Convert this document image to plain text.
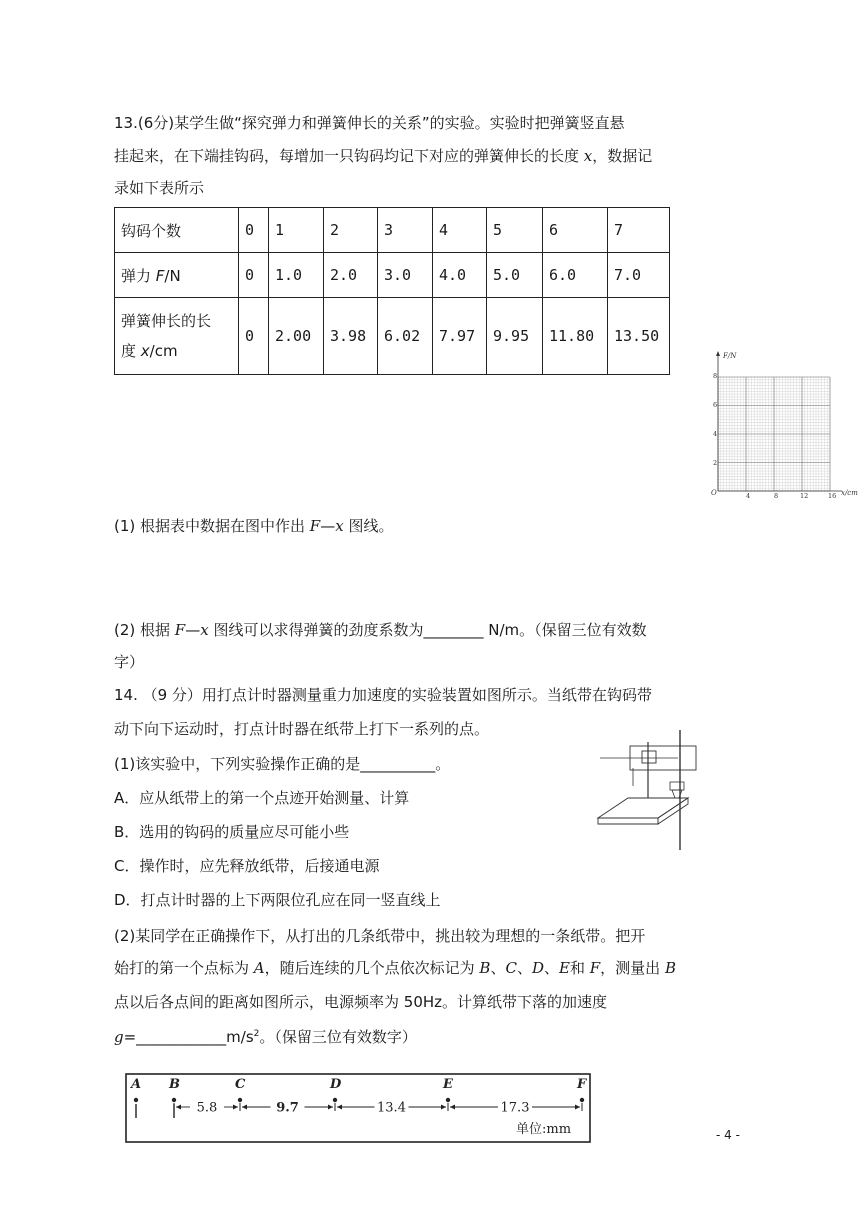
13.(6分)某学生做“探究弹力和弹簧伸长的关系”的实验。实验时把弹簧竖直悬
挂起来，在下端挂钩码，每增加一只钩码均记下对应的弹簧伸长的长度 x，数据记
录如下表所示
钩码个数	0	1	2	3	4	5	6	7
弹力 F/N	0	1.0	2.0	3.0	4.0	5.0	6.0	7.0
弹簧伸长的长
度 x/cm	0	2.00	3.98	6.02	7.97	9.95	11.80	13.50
F/N
x/cm
O
2
4
6
8
4	8	12	16
(1) 根据表中数据在图中作出 F—x 图线。
(2) 根据 F—x 图线可以求得弹簧的劲度系数为________ N/m。（保留三位有效数
字）
14. （9 分）用打点计时器测量重力加速度的实验装置如图所示。当纸带在钩码带
动下向下运动时，打点计时器在纸带上打下一系列的点。
(1)该实验中，下列实验操作正确的是__________。
A．应从纸带上的第一个点迹开始测量、计算
B．选用的钩码的质量应尽可能小些
C．操作时，应先释放纸带，后接通电源
D．打点计时器的上下两限位孔应在同一竖直线上
(2)某同学在正确操作下，从打出的几条纸带中，挑出较为理想的一条纸带。把开
始打的第一个点标为 A，随后连续的几个点依次标记为 B、C、D、E和 F，测量出 B
点以后各点间的距离如图所示，电源频率为 50Hz。计算纸带下落的加速度
$g=\_\_\_\_\_\_\_\_\_\_\_\_m/s^2$。（保留三位有效数字）
A B	C	D	E	F
5.8	9.7	13.4	17.3
单位:mm	- 4 -
